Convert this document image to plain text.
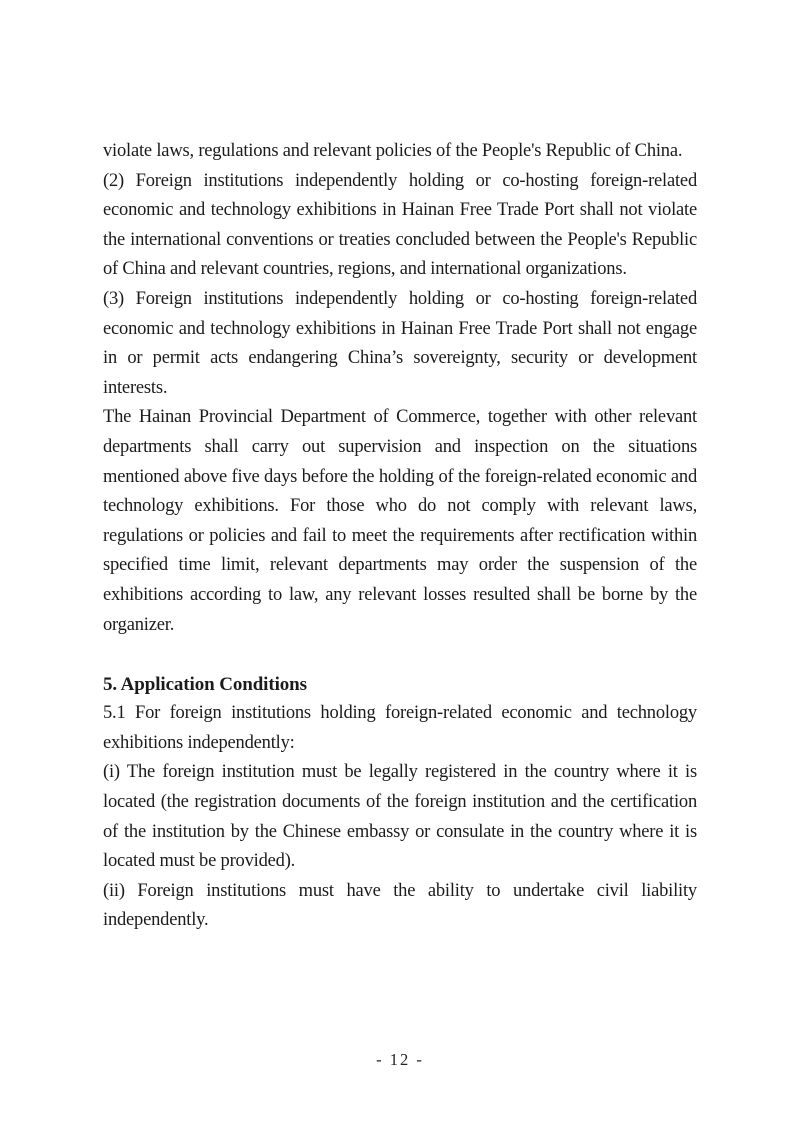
violate laws, regulations and relevant policies of the People's Republic of China.

(2) Foreign institutions independently holding or co-hosting foreign-related economic and technology exhibitions in Hainan Free Trade Port shall not violate the international conventions or treaties concluded between the People's Republic of China and relevant countries, regions, and international organizations.

(3) Foreign institutions independently holding or co-hosting foreign-related economic and technology exhibitions in Hainan Free Trade Port shall not engage in or permit acts endangering China’s sovereignty, security or development interests.

The Hainan Provincial Department of Commerce, together with other relevant departments shall carry out supervision and inspection on the situations mentioned above five days before the holding of the foreign-related economic and technology exhibitions. For those who do not comply with relevant laws, regulations or policies and fail to meet the requirements after rectification within specified time limit, relevant departments may order the suspension of the exhibitions according to law, any relevant losses resulted shall be borne by the organizer.

5. Application Conditions

5.1 For foreign institutions holding foreign-related economic and technology exhibitions independently:

(i) The foreign institution must be legally registered in the country where it is located (the registration documents of the foreign institution and the certification of the institution by the Chinese embassy or consulate in the country where it is located must be provided).

(ii) Foreign institutions must have the ability to undertake civil liability independently.

- 12 -
